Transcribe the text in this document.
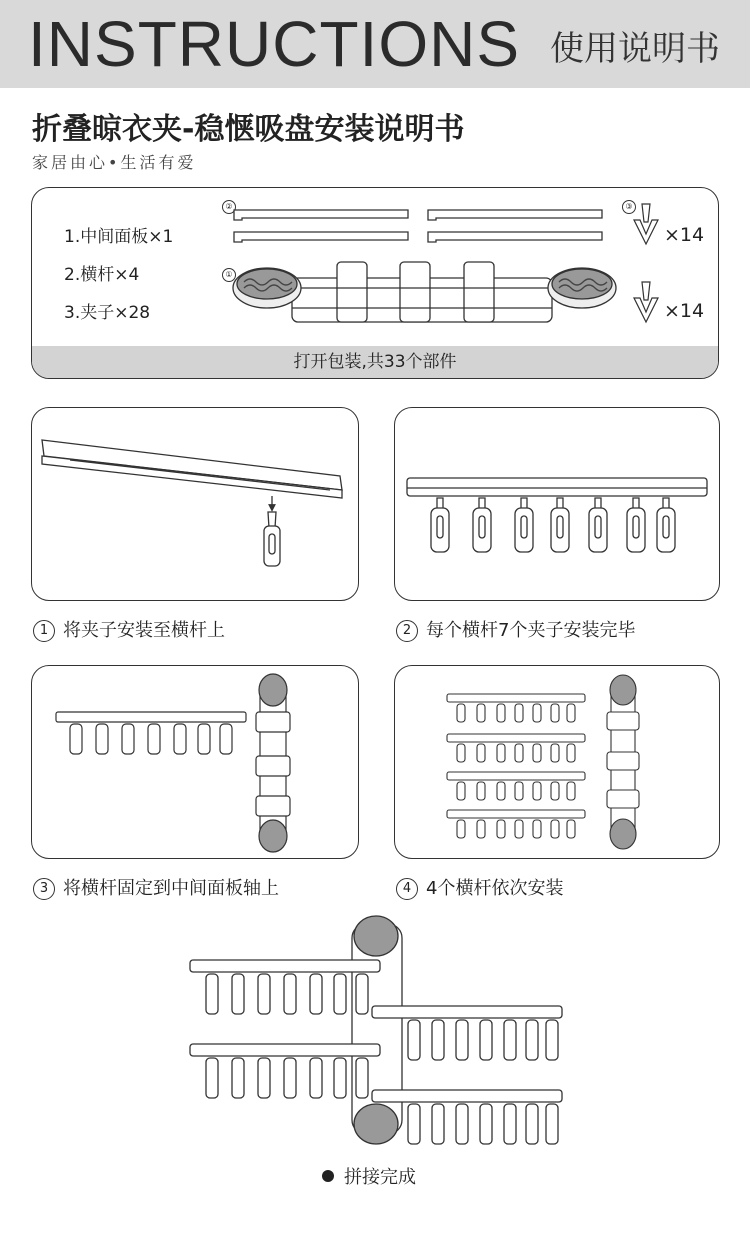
INSTRUCTIONS 使用说明书
折叠晾衣夹-稳惬吸盘安装说明书
家居由心•生活有爱
1.中间面板×1
2.横杆×4
3.夹子×28
②
①
③
×14
×14
打开包装,共33个部件
1 将夹子安装至横杆上	2 每个横杆7个夹子安装完毕
3 将横杆固定到中间面板轴上	4 4个横杆依次安装
拼接完成
